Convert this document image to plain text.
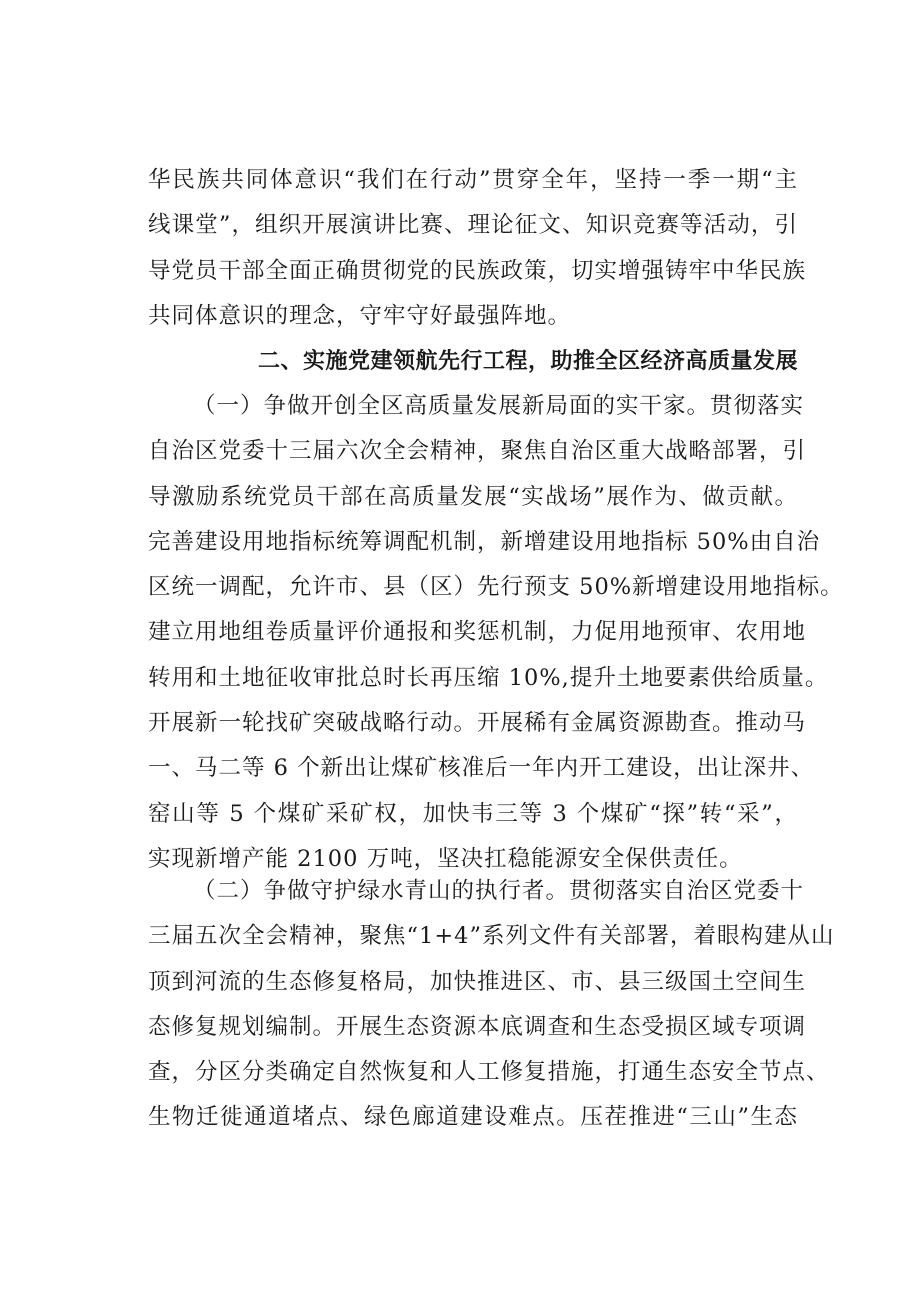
华民族共同体意识“我们在行动”贯穿全年，坚持一季一期“主
线课堂”，组织开展演讲比赛、理论征文、知识竞赛等活动，引
导党员干部全面正确贯彻党的民族政策，切实增强铸牢中华民族
共同体意识的理念，守牢守好最强阵地。
二、实施党建领航先行工程，助推全区经济高质量发展
（一）争做开创全区高质量发展新局面的实干家。贯彻落实
自治区党委十三届六次全会精神，聚焦自治区重大战略部署，引
导激励系统党员干部在高质量发展“实战场”展作为、做贡献。
完善建设用地指标统筹调配机制，新增建设用地指标 50%由自治
区统一调配，允许市、县（区）先行预支 50%新增建设用地指标。
建立用地组卷质量评价通报和奖惩机制，力促用地预审、农用地
转用和土地征收审批总时长再压缩 10%,提升土地要素供给质量。
开展新一轮找矿突破战略行动。开展稀有金属资源勘查。推动马
一、马二等 6 个新出让煤矿核准后一年内开工建设，出让深井、
窑山等 5 个煤矿采矿权，加快韦三等 3 个煤矿“探”转“采”，
实现新增产能 2100 万吨，坚决扛稳能源安全保供责任。
（二）争做守护绿水青山的执行者。贯彻落实自治区党委十
三届五次全会精神，聚焦“1+4”系列文件有关部署，着眼构建从山
顶到河流的生态修复格局，加快推进区、市、县三级国土空间生
态修复规划编制。开展生态资源本底调查和生态受损区域专项调
查，分区分类确定自然恢复和人工修复措施，打通生态安全节点、
生物迁徙通道堵点、绿色廊道建设难点。压茬推进“三山”生态
